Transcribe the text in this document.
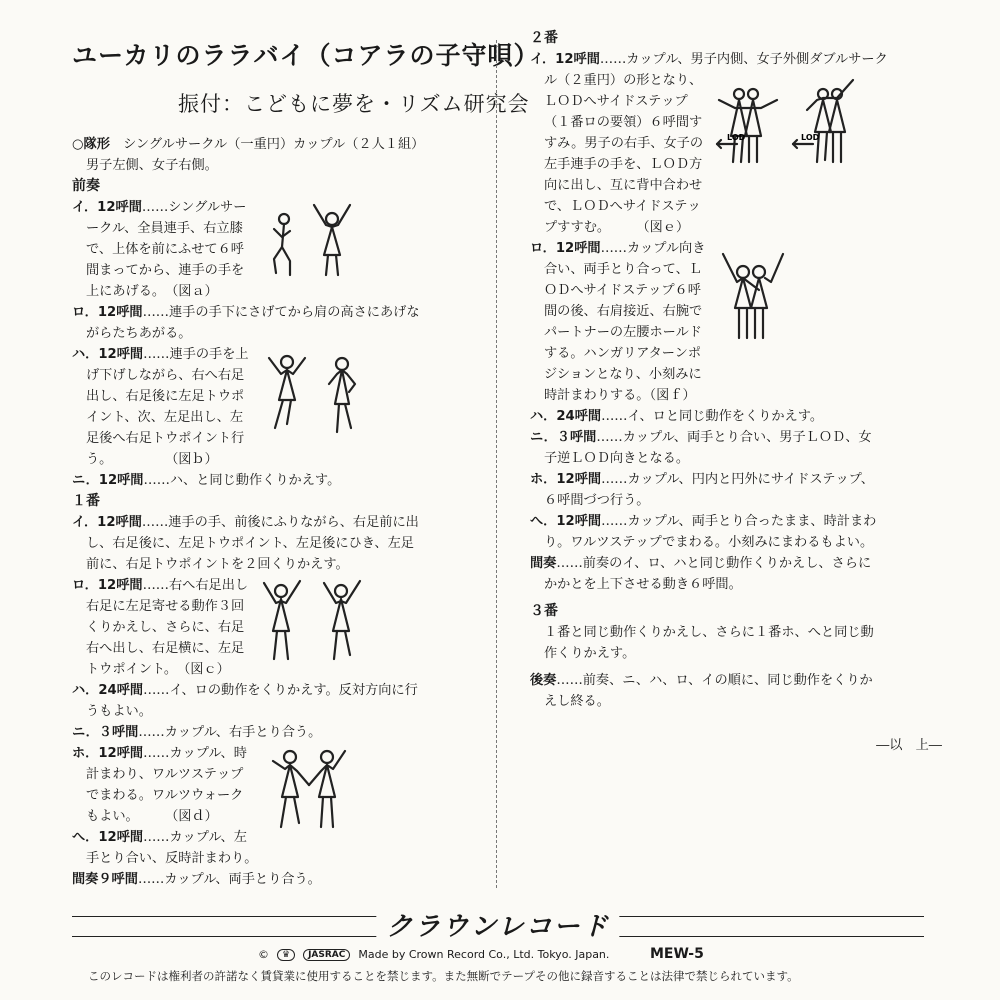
ユーカリのララバイ（コアラの子守唄）
振付：こどもに夢を・リズム研究会
○隊形　 シングルサークル（一重円）カップル（２人１組）
男子左側、女子右側。
前奏
イ．12呼間……シングルサー
ークル、全員連手、右立膝
で、上体を前にふせて６呼
間まってから、連手の手を
上にあげる。　（図ａ）
ロ．12呼間……連手の手下にさげてから肩の高さにあげな
がらたちあがる。
ハ．12呼間……連手の手を上
げ下げしながら、右へ右足
出し、右足後に左足トウポ
イント、次、左足出し、左
足後へ右足トウポイント行
う。　　　　　（図ｂ）
ニ．12呼間……ハ、と同じ動作くりかえす。
１番
イ．12呼間……連手の手、前後にふりながら、右足前に出
し、右足後に、左足トウポイント、左足後にひき、左足
前に、右足トウポイントを２回くりかえす。
ロ．12呼間……右へ右足出し
右足に左足寄せる動作３回
くりかえし、さらに、右足
右へ出し、右足横に、左足
トウポイント。　（図ｃ）
ハ．24呼間……イ、ロの動作をくりかえす。反対方向に行
うもよい。
ニ．３呼間……カップル、右手とり合う。
ホ．12呼間……カップル、時
計まわり、ワルツステップ
でまわる。ワルツウォーク
もよい。　　　（図ｄ）
へ．12呼間……カップル、左
手とり合い、反時計まわり。
間奏９呼間……カップル、両手とり合う。
２番
イ．12呼間……カップル、男子内側、女子外側ダブルサーク
ル（２重円）の形となり、
ＬＯＤへサイドステップ
（１番ロの要領）６呼間す
すみ。男子の右手、女子の
左手連手の手を、ＬＯＤ方
向に出し、互に背中合わせ
で、ＬＯＤへサイドステッ
プすすむ。　　　（図ｅ）
LOD	LOD
ロ．12呼間……カップル向き
合い、両手とり合って、Ｌ
ＯＤへサイドステップ６呼
間の後、右肩接近、右腕で
パートナーの左腰ホールド
する。ハンガリアターンポ
ジションとなり、小刻みに
時計まわりする。（図ｆ）
ハ．24呼間……イ、ロと同じ動作をくりかえす。
ニ．３呼間……カップル、両手とり合い、男子ＬＯＤ、女
子逆ＬＯＤ向きとなる。
ホ．12呼間……カップル、円内と円外にサイドステップ、
６呼間づつ行う。
へ．12呼間……カップル、両手とり合ったまま、時計まわ
り。ワルツステップでまわる。小刻みにまわるもよい。
間奏……前奏のイ、ロ、ハと同じ動作くりかえし、さらに
かかとを上下させる動き６呼間。
３番
１番と同じ動作くりかえし、さらに１番ホ、へと同じ動
作くりかえす。
後奏……前奏、ニ、ハ、ロ、イの順に、同じ動作をくりか
えし終る。
―以　上―
クラウンレコード
©	♛	JASRAC	Made by Crown Record Co., Ltd. Tokyo. Japan.	MEW-5
このレコードは権利者の許諾なく賃貸業に使用することを禁じます。また無断でテープその他に録音することは法律で禁じられています。
